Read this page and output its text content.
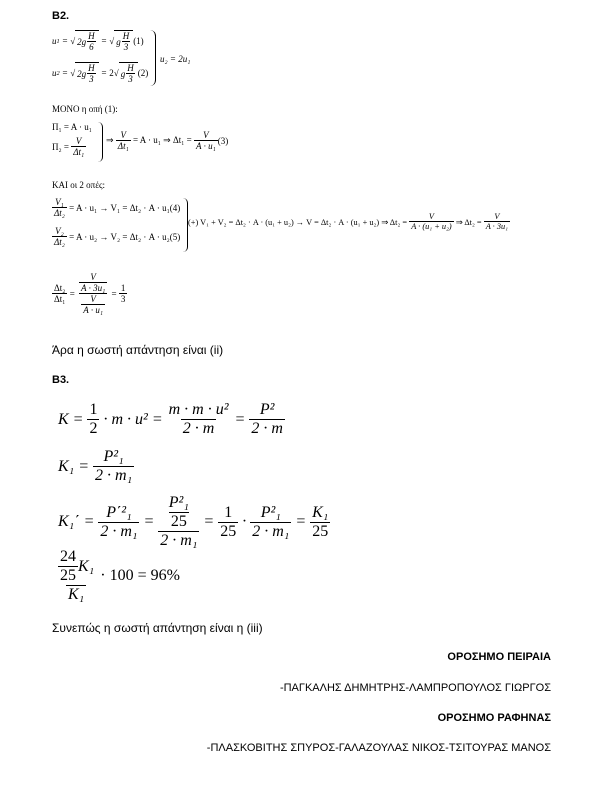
B2.
u 1 = √ $2g \frac{H}{6}$ = √ g $\frac{H}{3} (1)$
u 2 = √ $2g \frac{H}{3} = 2$ √ g $\frac{H}{3} (2)$
u₂ = 2u₁
ΜΟΝΟ η οπή (1):
Π₁ = Α · u₁
Π₂ =
$\frac{V}{\text{Δt₁}}$ ⇒ $\frac{V}{\text{Δt₁}}$
= Α · u₁ ⇒ Δt₁ =
$\frac{V}{\text{Α · u₁}} (3)$
ΚΑΙ οι 2 οπές:
$\frac{\text{V₁}}{\text{Δt₂}}$
= Α · u₁ → V₁ = Δt₂ · Α · u₁(4)
$\frac{\text{V₂}}{\text{Δt₂}}$
= Α · u₂ → V₂ = Δt₂ · Α · u₂(5)
(+) V₁ + V₂ = Δt₂ · Α · (u₁ + u₂) → V = Δt₂ · Α · (u₁ + u₂) ⇒ Δt₂ =
$\frac{V}{\text{Α · (u₁ + u₂)}}$
⇒ Δt₂ =
$\frac{V}{\text{Α · 3u₁}}$
$\frac{\text{Δt₂}}{\text{Δt₁}} = \frac{\frac{V}{\text{Α · 3u₁}}}{\frac{V}{\text{Α · u₁}}} = \frac{1}{3}$
Άρα η σωστή απάντηση είναι (ii)
B3.
K =
$\frac{1}{2}$
· m · u² =
$\frac{\text{m · m · u²}}{2 \cdot m} = \frac{\text{P²}}{2 \cdot m}$
K₁ =
$\frac{\text{P²₁}}{\text{2 · m₁}}$
K₁΄ =
$\frac{\text{P΄²₁}}{\text{2 · m₁}} = \frac{\frac{\text{P²₁}}{25}}{\text{2 · m₁}} = \frac{1}{25} \cdot \frac{\text{P²₁}}{\text{2 · m₁}} = \frac{\text{K₁}}{25}$
$\frac{\frac{24}{25} K_1}{\text{K₁}}$
· 100 = 96%
Συνεπώς η σωστή απάντηση είναι η (iii)
ΟΡΟΣΗΜΟ ΠΕΙΡΑΙΑ
-ΠΑΓΚΑΛΗΣ ΔΗΜΗΤΡΗΣ-ΛΑΜΠΡΟΠΟΥΛΟΣ ΓΙΩΡΓΟΣ
ΟΡΟΣΗΜΟ ΡΑΦΗΝΑΣ
-ΠΛΑΣΚΟΒΙΤΗΣ ΣΠΥΡΟΣ-ΓΑΛΑΖΟΥΛΑΣ ΝΙΚΟΣ-ΤΣΙΤΟΥΡΑΣ ΜΑΝΟΣ
